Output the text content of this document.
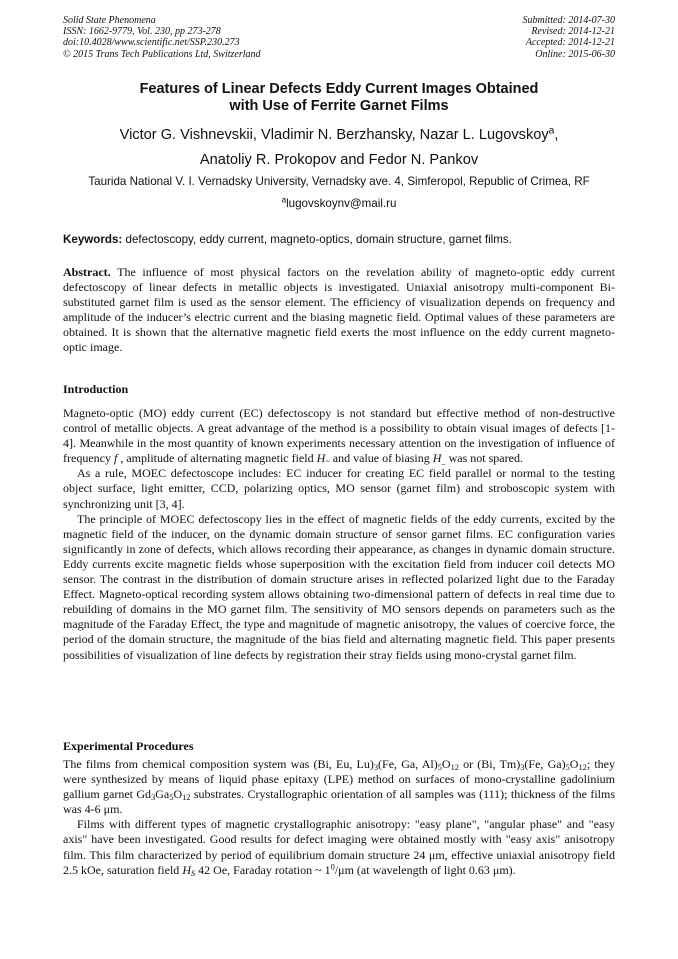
Solid State Phenomena
ISSN: 1662-9779, Vol. 230, pp 273-278
doi:10.4028/www.scientific.net/SSP.230.273
© 2015 Trans Tech Publications Ltd, Switzerland
Submitted: 2014-07-30
Revised: 2014-12-21
Accepted: 2014-12-21
Online: 2015-06-30
Features of Linear Defects Eddy Current Images Obtained
with Use of Ferrite Garnet Films
Victor G. Vishnevskii, Vladimir N. Berzhansky, Nazar L. Lugovskoy$^a$,
Anatoliy R. Prokopov and Fedor N. Pankov
Taurida National V. I. Vernadsky University, Vernadsky ave. 4, Simferopol, Republic of Crimea, RF
$^a$lugovskoynv@mail.ru
Keywords: defectoscopy, eddy current, magneto-optics, domain structure, garnet films.

Abstract. The influence of most physical factors on the revelation ability of magneto-optic eddy current defectoscopy of linear defects in metallic objects is investigated. Uniaxial anisotropy multi-component Bi-substituted garnet film is used as the sensor element. The efficiency of visualization depends on frequency and amplitude of the inducer’s electric current and the biasing magnetic field. Optimal values of these parameters are obtained. It is shown that the alternative magnetic field exerts the most influence on the eddy current magneto-optic image.

Introduction

Magneto-optic (MO) eddy current (EC) defectoscopy is not standard but effective method of non-destructive control of metallic objects. A great advantage of the method is a possibility to obtain visual images of defects [1-4]. Meanwhile in the most quantity of known experiments necessary attention on the investigation of influence of frequency f , amplitude of alternating magnetic field $H_\sim$ and value of biasing $H_{\_}$ was not spared.

As a rule, MOEC defectoscope includes: EC inducer for creating EC field parallel or normal to the testing object surface, light emitter, CCD, polarizing optics, MO sensor (garnet film) and stroboscopic system with synchronizing unit [3, 4].

The principle of MOEC defectoscopy lies in the effect of magnetic fields of the eddy currents, excited by the magnetic field of the inducer, on the dynamic domain structure of sensor garnet films. EC configuration varies significantly in zone of defects, which allows recording their appearance, as changes in dynamic domain structure. Eddy currents excite magnetic fields whose superposition with the excitation field from inducer coil detects MO sensor. The contrast in the distribution of domain structure arises in reflected polarized light due to the Faraday Effect. Magneto-optical recording system allows obtaining two-dimensional pattern of defects in real time due to rebuilding of domains in the MO garnet film. The sensitivity of MO sensors depends on parameters such as the magnitude of the Faraday Effect, the type and magnitude of magnetic anisotropy, the values of coercive force, the period of the domain structure, the magnitude of the bias field and alternating magnetic field. This paper presents possibilities of visualization of line defects by registration their stray fields using mono-crystal garnet film.

Experimental Procedures

The films from chemical composition system was (Bi, Eu, $Lu)_3(Fe$, Ga, $Al)_5O_{12}$ or (Bi, $Tm)_3(Fe$, $Ga)_5O_{12}$; they were synthesized by means of liquid phase epitaxy (LPE) method on surfaces of mono-crystalline gadolinium gallium garnet $Gd_3Ga_5O_{12}$ substrates. Crystallographic orientation of all samples was (111); thickness of the films was 4-6 μm.

Films with different types of magnetic crystallographic anisotropy: "easy plane", "angular phase" and "easy axis" have been investigated. Good results for defect imaging were obtained mostly with "easy axis" anisotropy film. This film characterized by period of equilibrium domain structure 24 μm, effective uniaxial anisotropy field 2.5 kOe, saturation field $H_S$ 42 Oe, Faraday rotation ~ $1^0/\mu m$ (at wavelength of light 0.63 μm).
